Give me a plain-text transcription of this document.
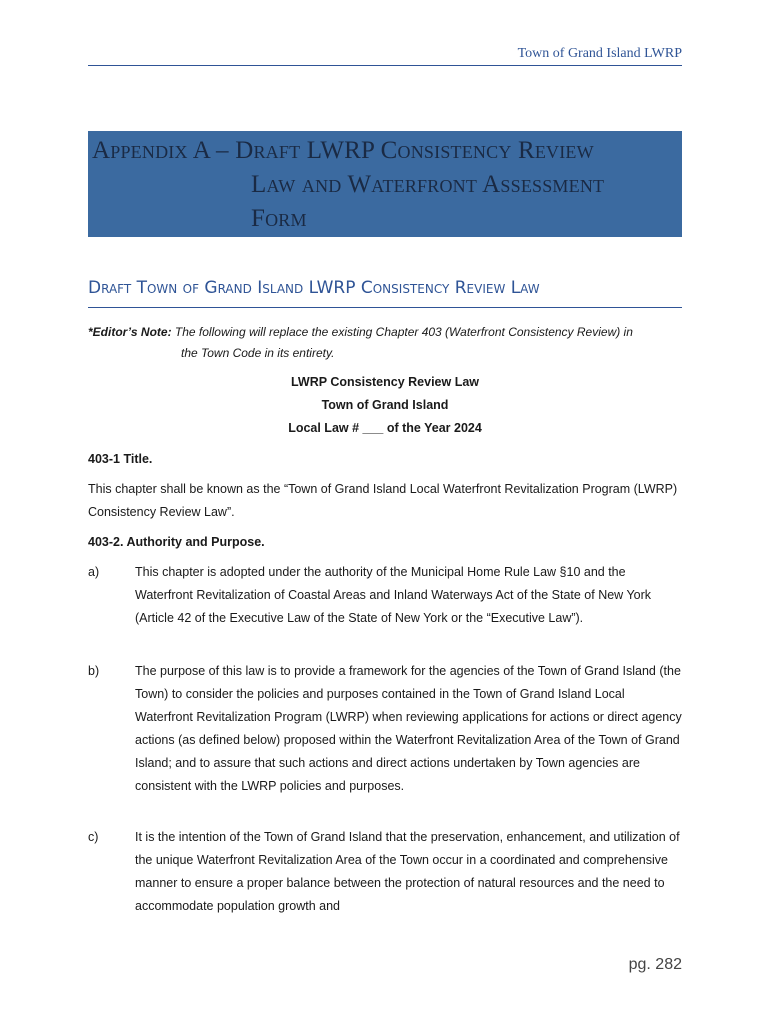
Town of Grand Island LWRP
Appendix A – Draft LWRP Consistency Review
Law and Waterfront Assessment
Form
Draft Town of Grand Island LWRP Consistency Review Law
*Editor’s Note: The following will replace the existing Chapter 403 (Waterfront Consistency Review) in
the Town Code in its entirety.
LWRP Consistency Review Law
Town of Grand Island
Local Law # ___ of the Year 2024
403-1 Title.
This chapter shall be known as the “Town of Grand Island Local Waterfront Revitalization Program (LWRP) Consistency Review Law”.
403-2. Authority and Purpose.
a)	This chapter is adopted under the authority of the Municipal Home Rule Law §10 and the Waterfront Revitalization of Coastal Areas and Inland Waterways Act of the State of New York (Article 42 of the Executive Law of the State of New York or the “Executive Law”).
b)	The purpose of this law is to provide a framework for the agencies of the Town of Grand Island (the Town) to consider the policies and purposes contained in the Town of Grand Island Local Waterfront Revitalization Program (LWRP) when reviewing applications for actions or direct agency actions (as defined below) proposed within the Waterfront Revitalization Area of the Town of Grand Island; and to assure that such actions and direct actions undertaken by Town agencies are consistent with the LWRP policies and purposes.
c)	It is the intention of the Town of Grand Island that the preservation, enhancement, and utilization of the unique Waterfront Revitalization Area of the Town occur in a coordinated and comprehensive manner to ensure a proper balance between the protection of natural resources and the need to accommodate population growth and
pg. 282
